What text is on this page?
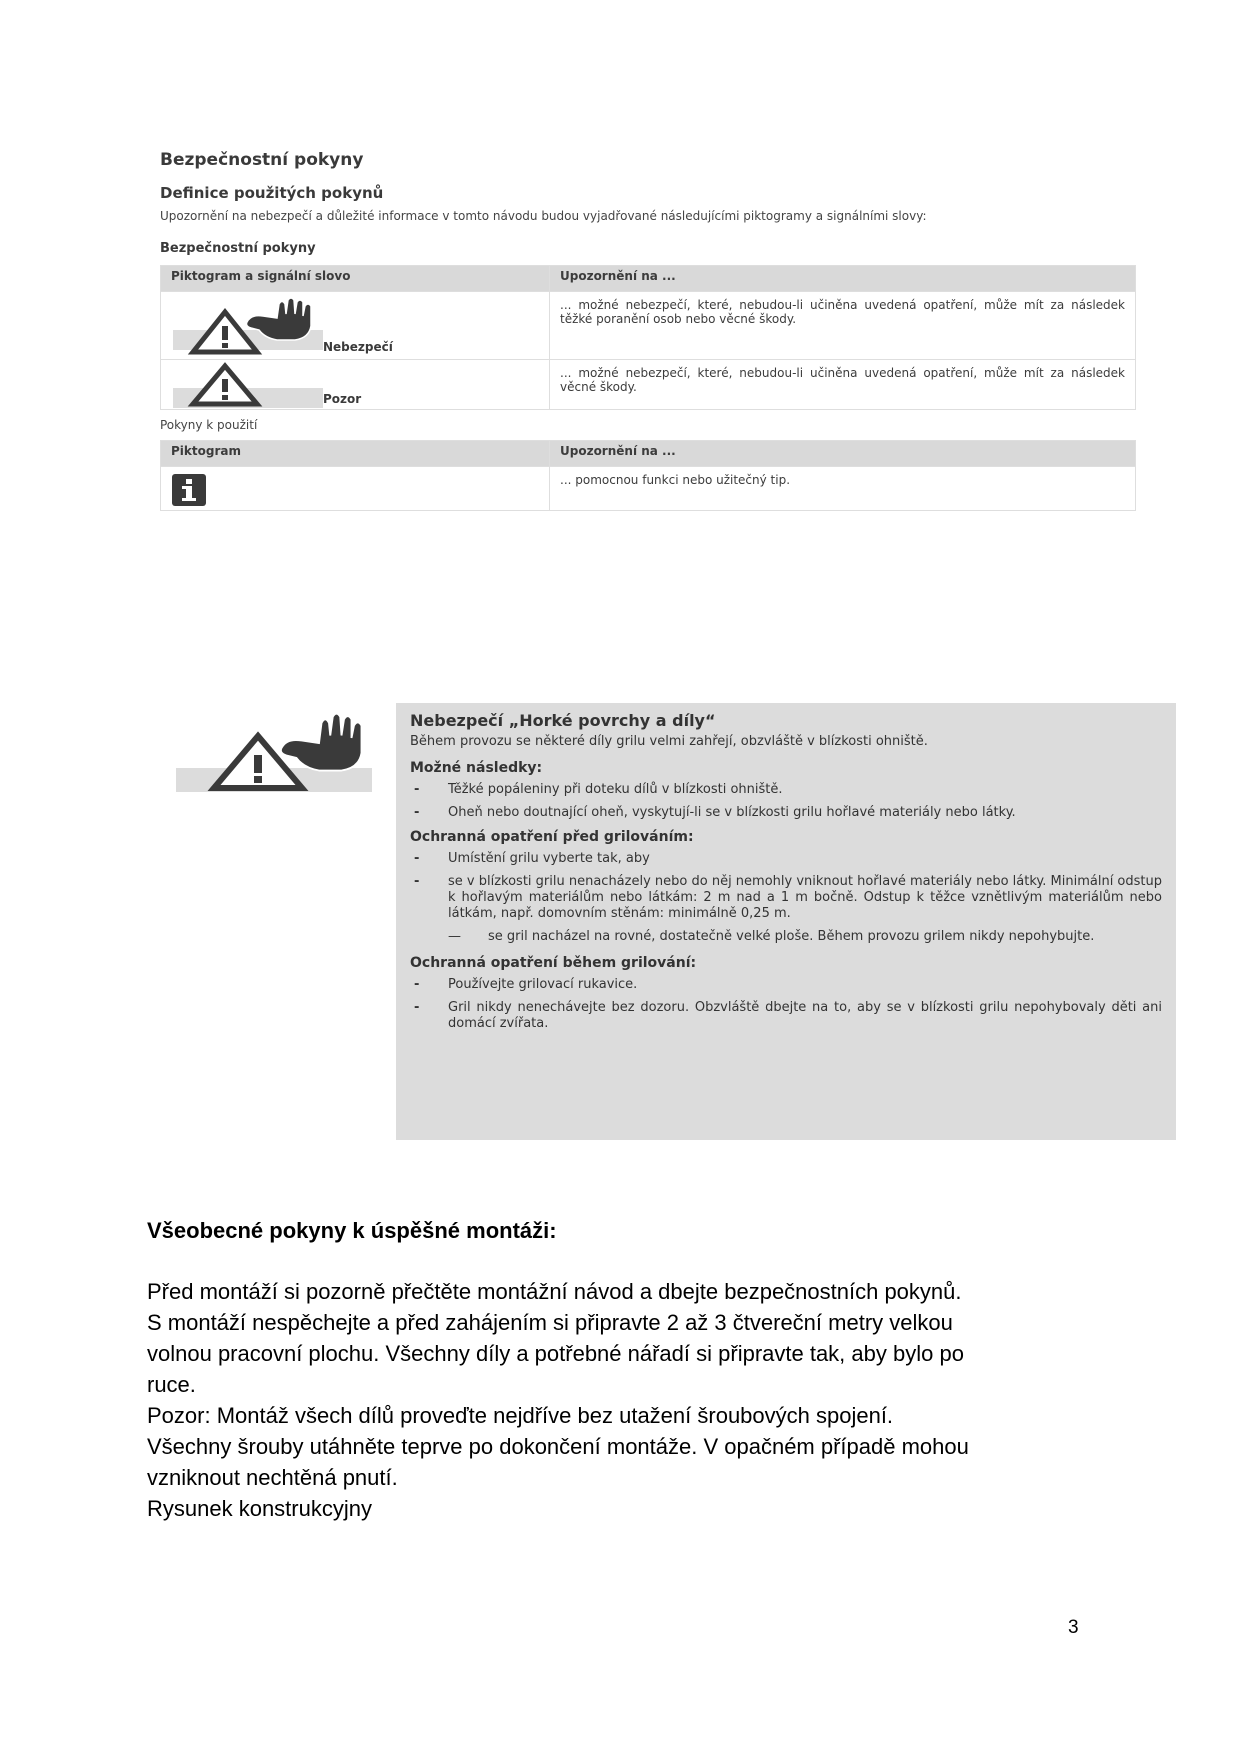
Bezpečnostní pokyny
Definice použitých pokynů
Upozornění na nebezpečí a důležité informace v tomto návodu budou vyjadřované následujícími piktogramy a signálními slovy:
Bezpečnostní pokyny
Piktogram a signální slovo	Upozornění na ...

Nebezpečí	... možné nebezpečí, které, nebudou-li učiněna uvedená opatření, může mít za následek těžké poranění osob nebo věcné škody.

Pozor	... možné nebezpečí, které, nebudou-li učiněna uvedená opatření, může mít za následek věcné škody.
Pokyny k použití
Piktogram	Upozornění na ...

	... pomocnou funkci nebo užitečný tip.
Nebezpečí „Horké povrchy a díly“
Během provozu se některé díly grilu velmi zahřejí, obzvláště v blízkosti ohniště.
Možné následky:
- Těžké popáleniny při doteku dílů v blízkosti ohniště.
- Oheň nebo doutnající oheň, vyskytují-li se v blízkosti grilu hořlavé materiály nebo látky.
Ochranná opatření před grilováním:
- Umístění grilu vyberte tak, aby
- se v blízkosti grilu nenacházely nebo do něj nemohly vniknout hořlavé materiály nebo látky. Minimální odstup k hořlavým materiálům nebo látkám: 2 m nad a 1 m bočně. Odstup k těžce vznětlivým materiálům nebo látkám, např. domovním stěnám: minimálně 0,25 m.
— se gril nacházel na rovné, dostatečně velké ploše. Během provozu grilem nikdy nepohybujte.
Ochranná opatření během grilování:
- Používejte grilovací rukavice.
- Gril nikdy nenechávejte bez dozoru. Obzvláště dbejte na to, aby se v blízkosti grilu nepohybovaly děti ani domácí zvířata.
Všeobecné pokyny k úspěšné montáži:

Před montáží si pozorně přečtěte montážní návod a dbejte bezpečnostních pokynů.

S montáží nespěchejte a před zahájením si připravte 2 až 3 čtvereční metry velkou

volnou pracovní plochu. Všechny díly a potřebné nářadí si připravte tak, aby bylo po

ruce.

Pozor: Montáž všech dílů proveďte nejdříve bez utažení šroubových spojení.

Všechny šrouby utáhněte teprve po dokončení montáže. V opačném případě mohou

vzniknout nechtěná pnutí.

Rysunek konstrukcyjny

3
